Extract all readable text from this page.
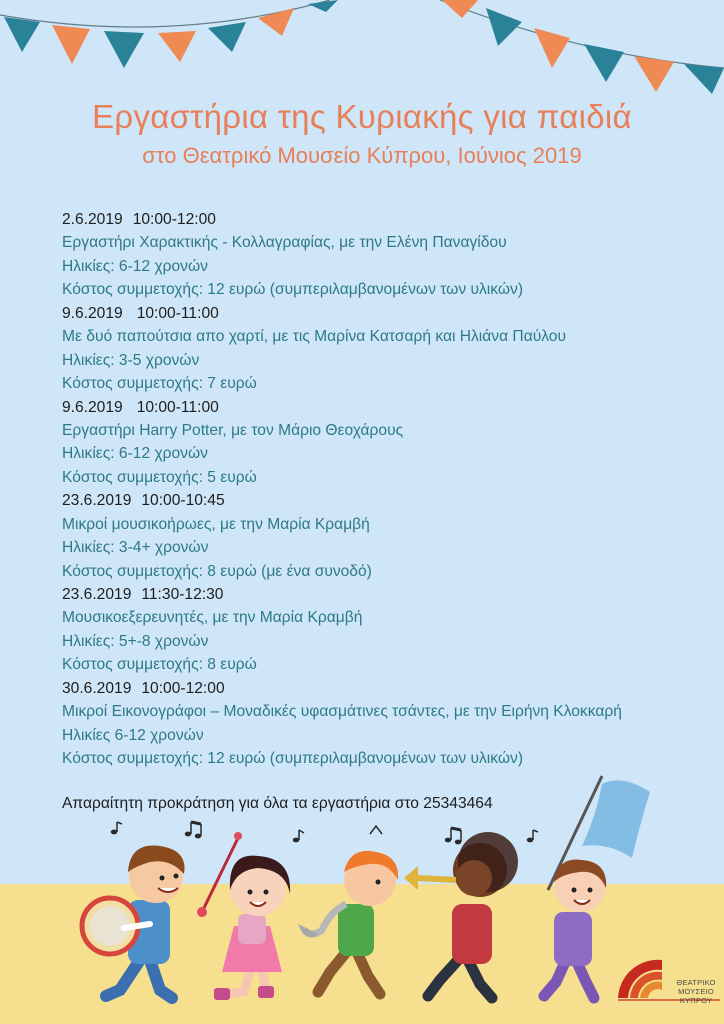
Εργαστήρια της Κυριακής για παιδιά
στο Θεατρικό Μουσείο Κύπρου, Ιούνιος 2019
2.6.2019 10:00-12:00
Εργαστήρι Χαρακτικής - Κολλαγραφίας, με την Ελένη Παναγίδου
Ηλικίες: 6-12 χρονών
Κόστος συμμετοχής: 12 ευρώ (συμπεριλαμβανομένων των υλικών)
9.6.2019 10:00-11:00
Με δυό παπούτσια απο χαρτί, με τις Μαρίνα Κατσαρή και Ηλιάνα Παύλου
Ηλικίες: 3-5 χρονών
Κόστος συμμετοχής: 7 ευρώ
9.6.2019 10:00-11:00
Εργαστήρι Harry Potter, με τον Μάριο Θεοχάρους
Ηλικίες: 6-12 χρονών
Κόστος συμμετοχής: 5 ευρώ
23.6.2019 10:00-10:45
Μικροί μουσικοήρωες, με την Μαρία Κραμβή
Ηλικίες: 3-4+ χρονών
Κόστος συμμετοχής: 8 ευρώ (με ένα συνοδό)
23.6.2019 11:30-12:30
Μουσικοεξερευνητές, με την Μαρία Κραμβή
Ηλικίες: 5+-8 χρονών
Κόστος συμμετοχής: 8 ευρώ
30.6.2019 10:00-12:00
Μικροί Εικονογράφοι – Μοναδικές υφασμάτινες τσάντες, με την Ειρήνη Κλοκκαρή
Ηλικίες 6-12 χρονών
Κόστος συμμετοχής: 12 ευρώ (συμπεριλαμβανομένων των υλικών)
Απαραίτητη προκράτηση για όλα τα εργαστήρια στο 25343464
ΘΕΑΤΡΙΚΟ
ΜΟΥΣΕΙΟ ΚΥΠΡΟΥ
